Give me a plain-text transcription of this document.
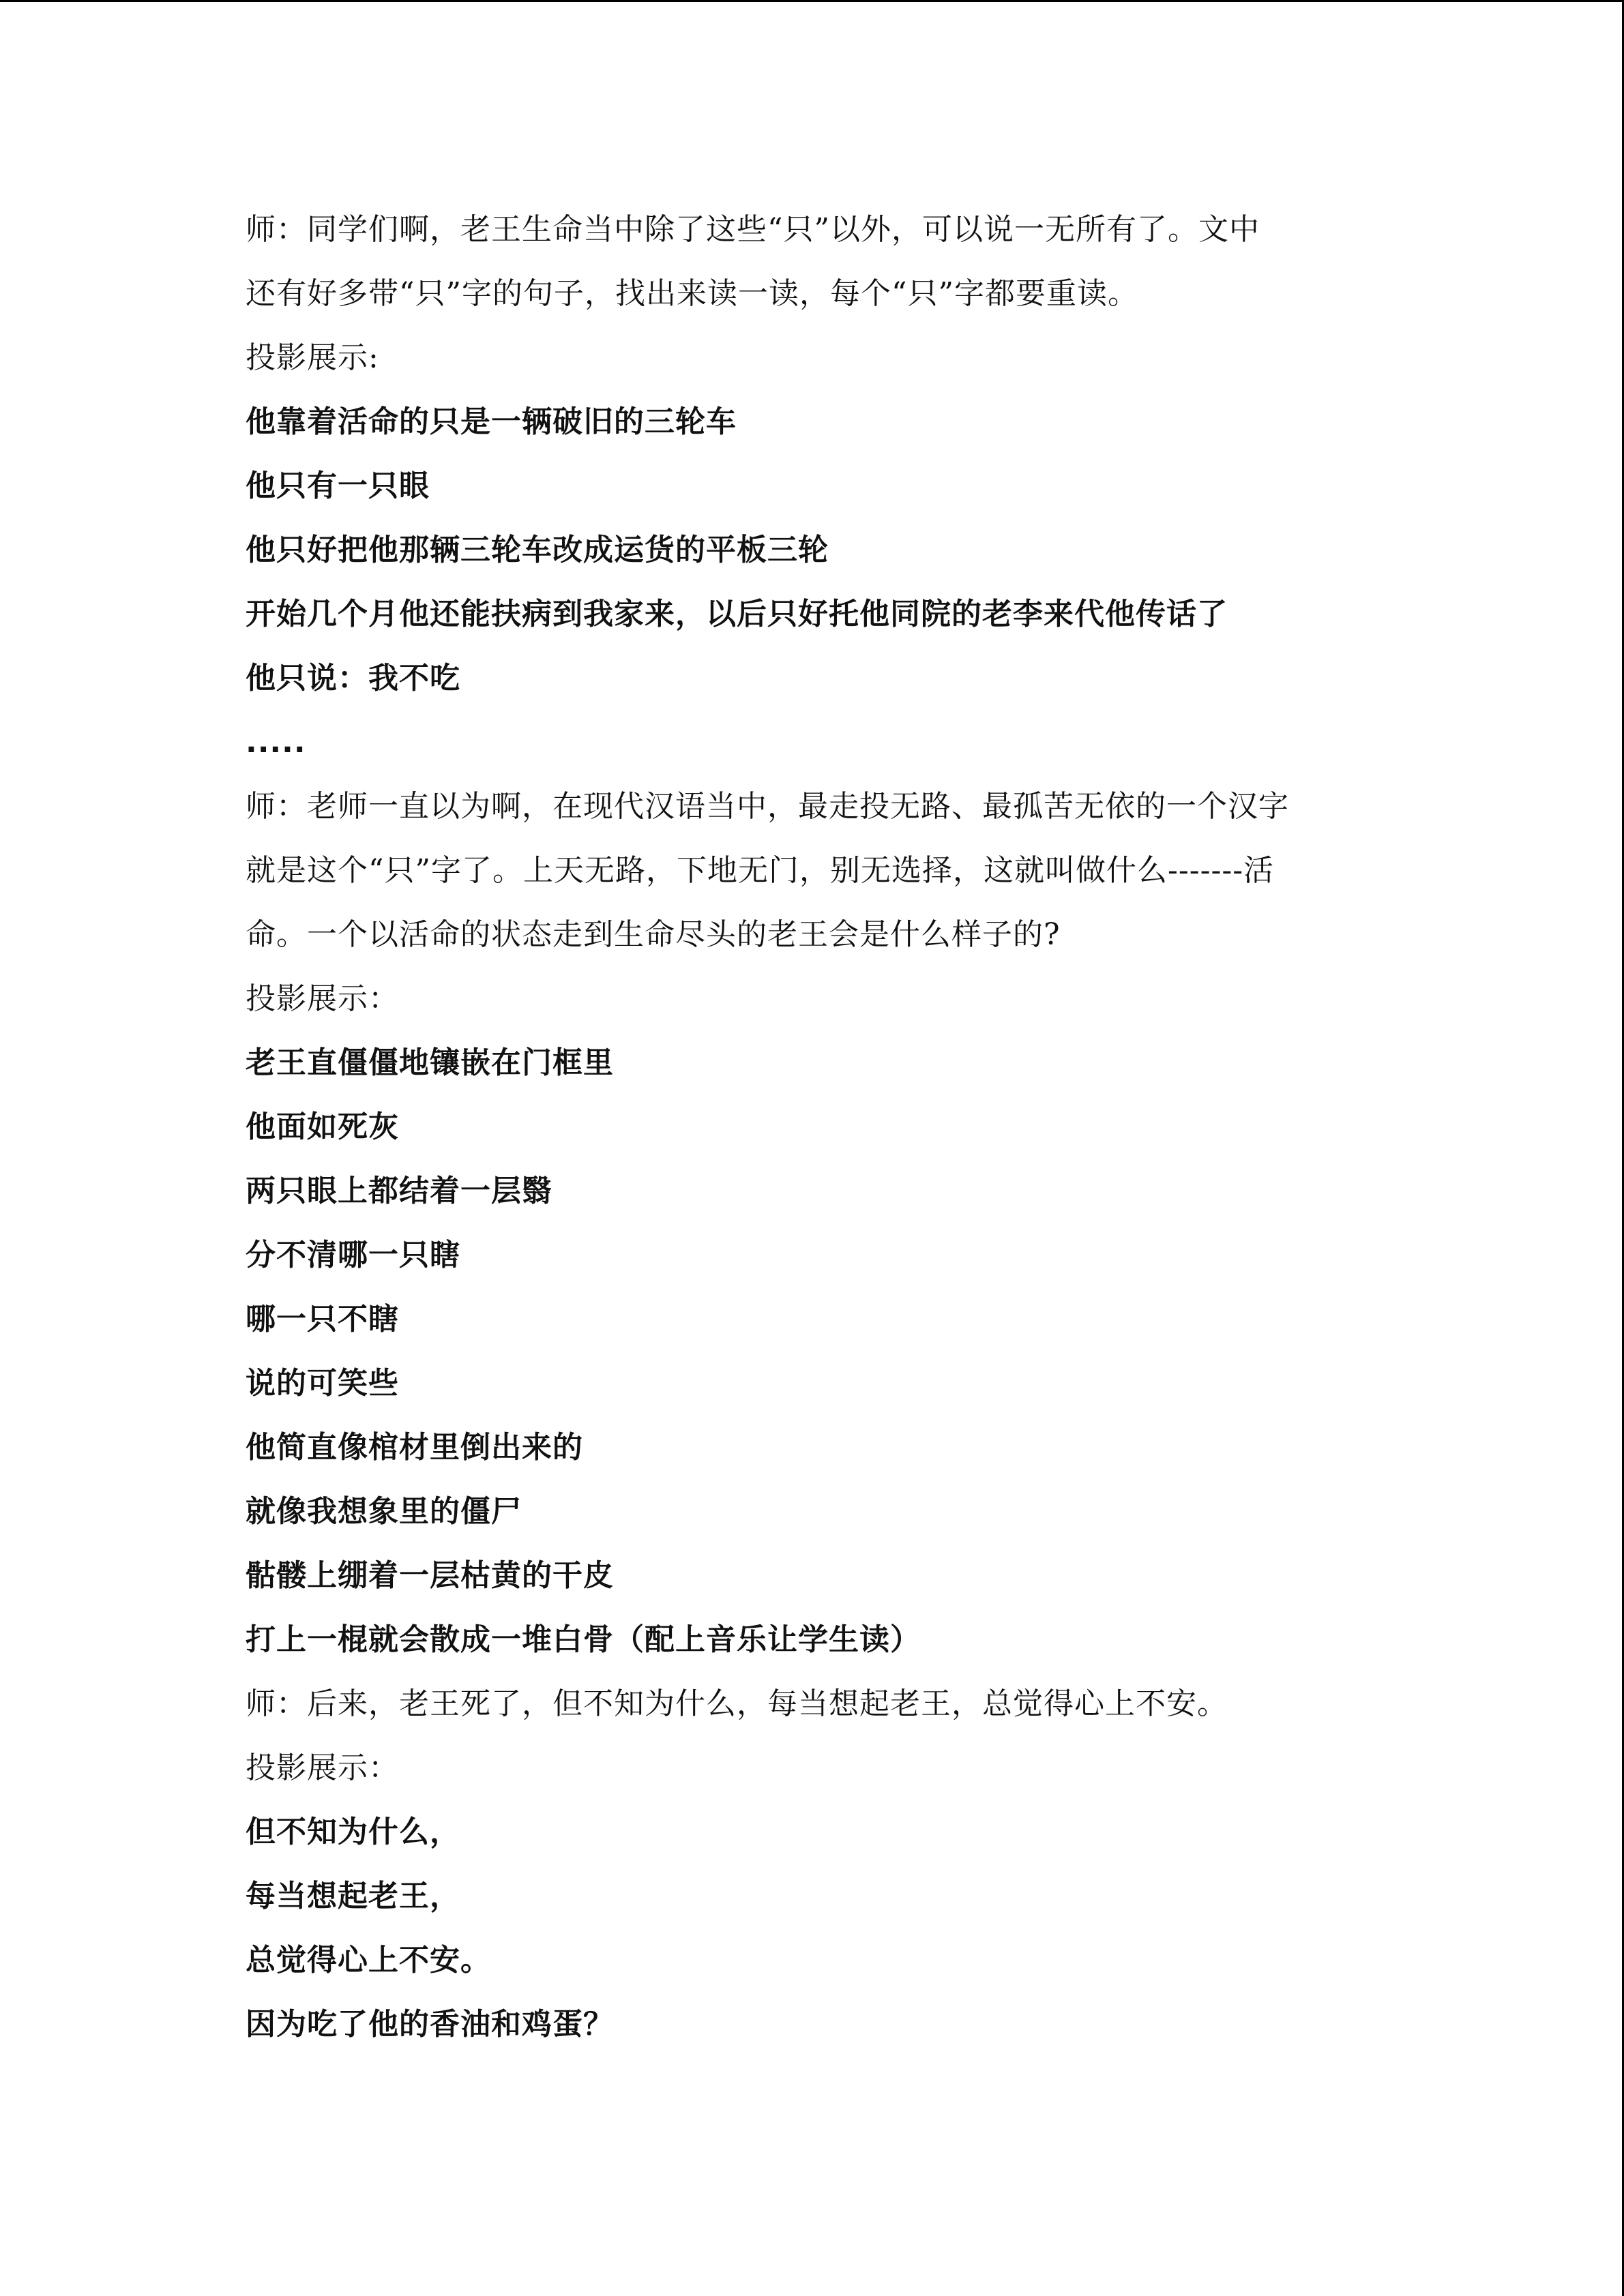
师：同学们啊，老王生命当中除了这些“只”以外，可以说一无所有了。文中
还有好多带“只”字的句子，找出来读一读，每个“只”字都要重读。
投影展示:
他靠着活命的只是一辆破旧的三轮车
他只有一只眼
他只好把他那辆三轮车改成运货的平板三轮
开始几个月他还能扶病到我家来，以后只好托他同院的老李来代他传话了
他只说：我不吃
.....
师：老师一直以为啊，在现代汉语当中，最走投无路、最孤苦无依的一个汉字
就是这个“只”字了。上天无路，下地无门，别无选择，这就叫做什么-------活
命。一个以活命的状态走到生命尽头的老王会是什么样子的?
投影展示：
老王直僵僵地镶嵌在门框里
他面如死灰
两只眼上都结着一层翳
分不清哪一只瞎
哪一只不瞎
说的可笑些
他简直像棺材里倒出来的
就像我想象里的僵尸
骷髅上绷着一层枯黄的干皮
打上一棍就会散成一堆白骨（配上音乐让学生读）
师：后来，老王死了，但不知为什么，每当想起老王，总觉得心上不安。
投影展示：
但不知为什么，
每当想起老王，
总觉得心上不安。
因为吃了他的香油和鸡蛋？
